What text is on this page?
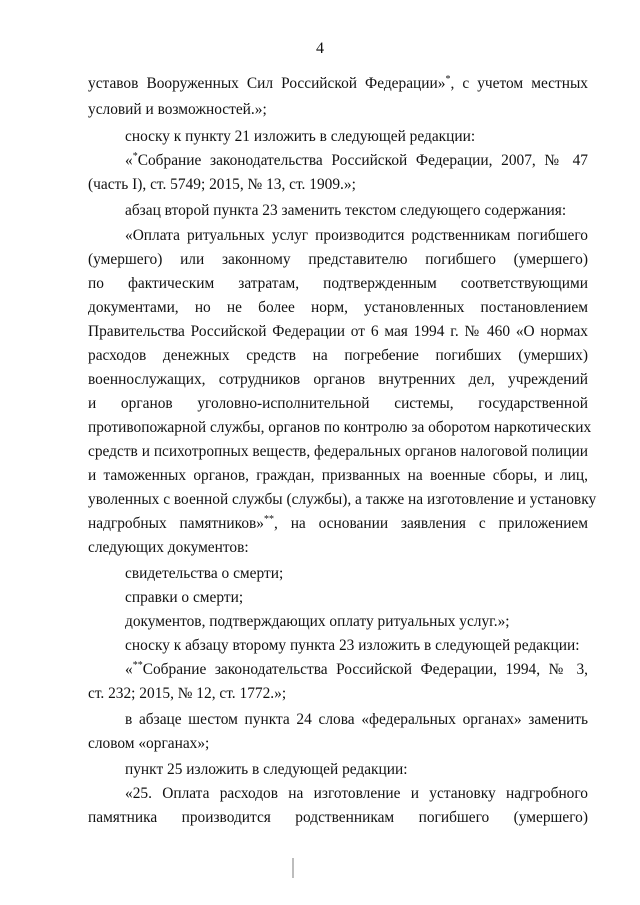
4
уставов Вооруженных Сил Российской Федерации»*, с учетом местных
условий и возможностей.»;
сноску к пункту 21 изложить в следующей редакции:
«*Собрание законодательства Российской Федерации, 2007, № 47
(часть I), ст. 5749; 2015, № 13, ст. 1909.»;
абзац второй пункта 23 заменить текстом следующего содержания:
«Оплата ритуальных услуг производится родственникам погибшего
(умершего) или законному представителю погибшего (умершего)
по фактическим затратам, подтвержденным соответствующими
документами, но не более норм, установленных постановлением
Правительства Российской Федерации от 6 мая 1994 г. № 460 «О нормах
расходов денежных средств на погребение погибших (умерших)
военнослужащих, сотрудников органов внутренних дел, учреждений
и органов уголовно-исполнительной системы, государственной
противопожарной службы, органов по контролю за оборотом наркотических
средств и психотропных веществ, федеральных органов налоговой полиции
и таможенных органов, граждан, призванных на военные сборы, и лиц,
уволенных с военной службы (службы), а также на изготовление и установку
надгробных памятников»**, на основании заявления с приложением
следующих документов:
свидетельства о смерти;
справки о смерти;
документов, подтверждающих оплату ритуальных услуг.»;
сноску к абзацу второму пункта 23 изложить в следующей редакции:
«**Собрание законодательства Российской Федерации, 1994, № 3,
ст. 232; 2015, № 12, ст. 1772.»;
в абзаце шестом пункта 24 слова «федеральных органах» заменить
словом «органах»;
пункт 25 изложить в следующей редакции:
«25. Оплата расходов на изготовление и установку надгробного
памятника производится родственникам погибшего (умершего)
